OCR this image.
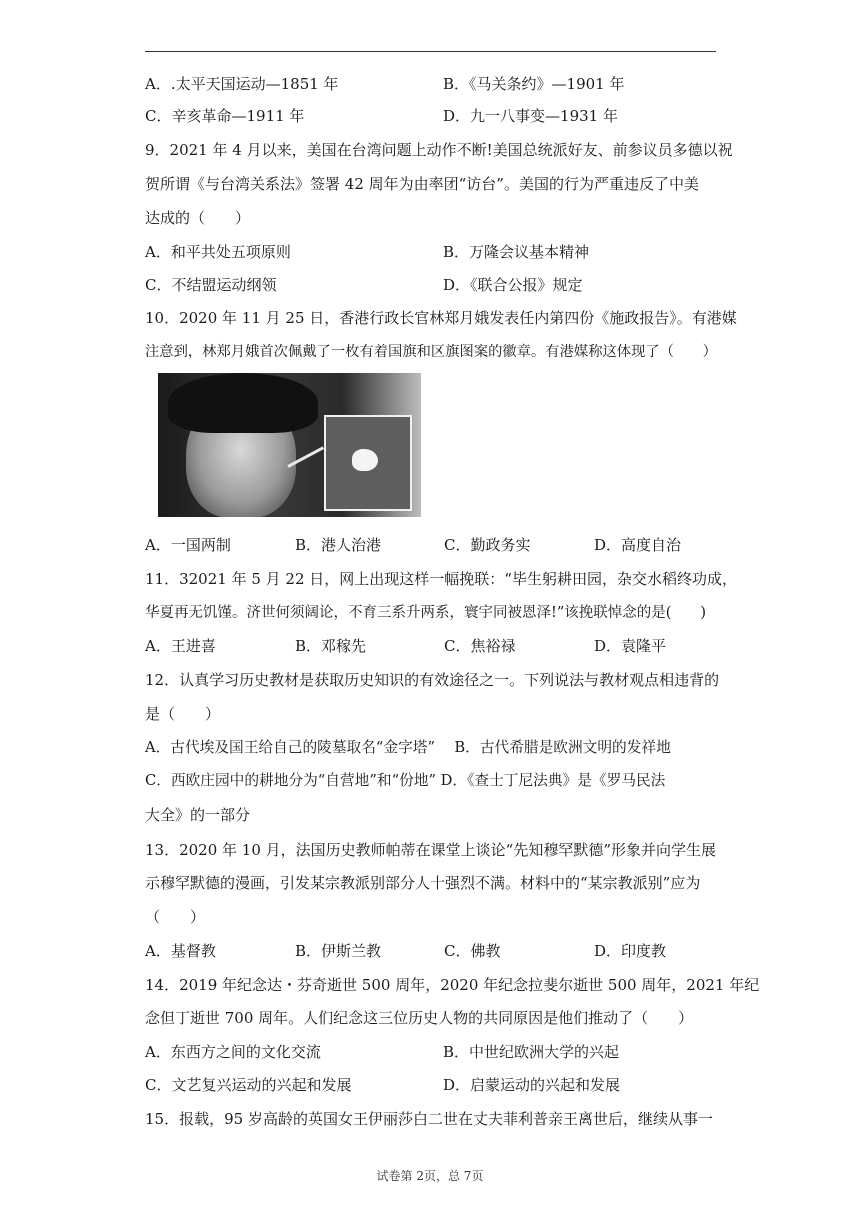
A．.太平天国运动—1851 年	B．《马关条约》—1901 年
C．辛亥革命—1911 年	D．九一八事变—1931 年
9．2021 年 4 月以来，美国在台湾问题上动作不断!美国总统派好友、前参议员多德以祝
贺所谓《与台湾关系法》签署 42 周年为由率团“访台”。美国的行为严重违反了中美
达成的（　　）
A．和平共处五项原则	B．万隆会议基本精神
C．不结盟运动纲领	D．《联合公报》规定
10．2020 年 11 月 25 日，香港行政长官林郑月娥发表任内第四份《施政报告》。有港媒
注意到，林郑月娥首次佩戴了一枚有着国旗和区旗图案的徽章。有港媒称这体现了（　　）
A．一国两制	B．港人治港	C．勤政务实	D．高度自治
11．32021 年 5 月 22 日，网上出现这样一幅挽联：“毕生躬耕田园，杂交水稻终功成，
华夏再无饥馑。济世何须阔论，不育三系升两系，寰宇同被恩泽!”该挽联悼念的是(　　)
A．王进喜	B．邓稼先	C．焦裕禄	D．袁隆平
12．认真学习历史教材是获取历史知识的有效途径之一。下列说法与教材观点相违背的
是（　　）
A．古代埃及国王给自己的陵墓取名“金字塔”　 B．古代希腊是欧洲文明的发祥地
C．西欧庄园中的耕地分为“自营地”和“份地” D．《查士丁尼法典》是《罗马民法
大全》的一部分
13．2020 年 10 月，法国历史教师帕蒂在课堂上谈论“先知穆罕默德”形象并向学生展
示穆罕默德的漫画，引发某宗教派别部分人十强烈不满。材料中的“某宗教派别”应为
（　　）
A．基督教	B．伊斯兰教	C．佛教	D．印度教
14．2019 年纪念达・芬奇逝世 500 周年，2020 年纪念拉斐尔逝世 500 周年，2021 年纪
念但丁逝世 700 周年。人们纪念这三位历史人物的共同原因是他们推动了（　　）
A．东西方之间的文化交流	B．中世纪欧洲大学的兴起
C．文艺复兴运动的兴起和发展	D．启蒙运动的兴起和发展
15．报载，95 岁高龄的英国女王伊丽莎白二世在丈夫菲利普亲王离世后，继续从事一
试卷第 2页，总 7页
